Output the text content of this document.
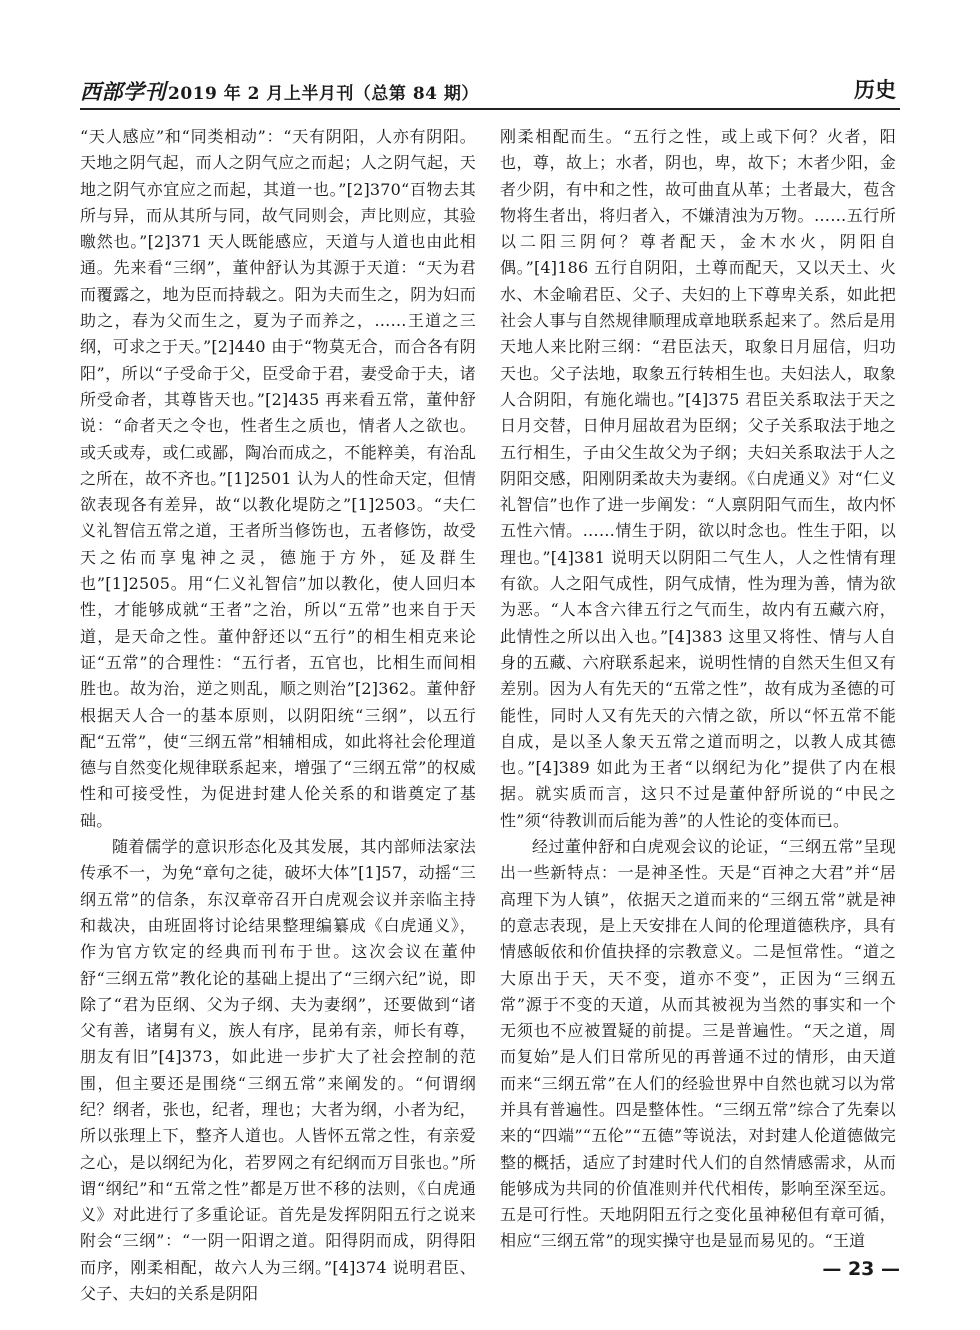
西部学刊 2019 年 2 月上半月刊（总第 84 期）	历史

“天人感应”和“同类相动”：“天有阴阳，人亦有阴阳。天地之阴气起，而人之阴气应之而起；人之阴气起，天地之阴气亦宜应之而起，其道一也。”[2]370“百物去其所与异，而从其所与同，故气同则会，声比则应，其验曒然也。”[2]371 天人既能感应，天道与人道也由此相通。先来看“三纲”，董仲舒认为其源于天道：“天为君而覆露之，地为臣而持载之。阳为夫而生之，阴为妇而助之，春为父而生之，夏为子而养之，……王道之三纲，可求之于天。”[2]440 由于“物莫无合，而合各有阴阳”，所以“子受命于父，臣受命于君，妻受命于夫，诸所受命者，其尊皆天也。”[2]435 再来看五常，董仲舒说：“命者天之令也，性者生之质也，情者人之欲也。或夭或寿，或仁或鄙，陶冶而成之，不能粹美，有治乱之所在，故不齐也。”[1]2501 认为人的性命天定，但情欲表现各有差异，故“以教化堤防之”[1]2503。“夫仁义礼智信五常之道，王者所当修饬也，五者修饬，故受天之佑而享鬼神之灵，德施于方外，延及群生也”[1]2505。用“仁义礼智信”加以教化，使人回归本性，才能够成就“王者”之治，所以“五常”也来自于天道，是天命之性。董仲舒还以“五行”的相生相克来论证“五常”的合理性：“五行者，五官也，比相生而间相胜也。故为治，逆之则乱，顺之则治”[2]362。董仲舒根据天人合一的基本原则，以阴阳统“三纲”，以五行配“五常”，使“三纲五常”相辅相成，如此将社会伦理道德与自然变化规律联系起来，增强了“三纲五常”的权威性和可接受性，为促进封建人伦关系的和谐奠定了基础。

随着儒学的意识形态化及其发展，其内部师法家法传承不一，为免“章句之徒，破坏大体”[1]57，动摇“三纲五常”的信条，东汉章帝召开白虎观会议并亲临主持和裁决，由班固将讨论结果整理编纂成《白虎通义》，作为官方钦定的经典而刊布于世。这次会议在董仲舒“三纲五常”教化论的基础上提出了“三纲六纪”说，即除了“君为臣纲、父为子纲、夫为妻纲”，还要做到“诸父有善，诸舅有义，族人有序，昆弟有亲，师长有尊，朋友有旧”[4]373，如此进一步扩大了社会控制的范围，但主要还是围绕“三纲五常”来阐发的。“何谓纲纪？纲者，张也，纪者，理也；大者为纲，小者为纪，所以张理上下，整齐人道也。人皆怀五常之性，有亲爱之心，是以纲纪为化，若罗网之有纪纲而万目张也。”所谓“纲纪”和“五常之性”都是万世不移的法则，《白虎通义》对此进行了多重论证。首先是发挥阴阳五行之说来附会“三纲”：“一阴一阳谓之道。阳得阴而成，阴得阳而序，刚柔相配，故六人为三纲。”[4]374 说明君臣、父子、夫妇的关系是阴阳

刚柔相配而生。“五行之性，或上或下何？火者，阳也，尊，故上；水者，阴也，卑，故下；木者少阳，金者少阴，有中和之性，故可曲直从革；土者最大，苞含物将生者出，将归者入，不嫌清浊为万物。……五行所以二阳三阴何？尊者配天，金木水火，阴阳自偶。”[4]186 五行自阴阳，土尊而配天，又以天土、火水、木金喻君臣、父子、夫妇的上下尊卑关系，如此把社会人事与自然规律顺理成章地联系起来了。然后是用天地人来比附三纲：“君臣法天，取象日月屈信，归功天也。父子法地，取象五行转相生也。夫妇法人，取象人合阴阳，有施化端也。”[4]375 君臣关系取法于天之日月交替，日伸月屈故君为臣纲；父子关系取法于地之五行相生，子由父生故父为子纲；夫妇关系取法于人之阴阳交感，阳刚阴柔故夫为妻纲。《白虎通义》对“仁义礼智信”也作了进一步阐发：“人禀阴阳气而生，故内怀五性六情。……情生于阴，欲以时念也。性生于阳，以理也。”[4]381 说明天以阴阳二气生人，人之性情有理有欲。人之阳气成性，阴气成情，性为理为善，情为欲为恶。“人本含六律五行之气而生，故内有五藏六府，此情性之所以出入也。”[4]383 这里又将性、情与人自身的五藏、六府联系起来，说明性情的自然天生但又有差别。因为人有先天的“五常之性”，故有成为圣德的可能性，同时人又有先天的六情之欲，所以“怀五常不能自成，是以圣人象天五常之道而明之，以教人成其德也。”[4]389 如此为王者“以纲纪为化”提供了内在根据。就实质而言，这只不过是董仲舒所说的“中民之性”须“待教训而后能为善”的人性论的变体而已。

经过董仲舒和白虎观会议的论证，“三纲五常”呈现出一些新特点：一是神圣性。天是“百神之大君”并“居高理下为人镇”，依据天之道而来的“三纲五常”就是神的意志表现，是上天安排在人间的伦理道德秩序，具有情感皈依和价值抉择的宗教意义。二是恒常性。“道之大原出于天，天不变，道亦不变”，正因为“三纲五常”源于不变的天道，从而其被视为当然的事实和一个无须也不应被置疑的前提。三是普遍性。“天之道，周而复始”是人们日常所见的再普通不过的情形，由天道而来“三纲五常”在人们的经验世界中自然也就习以为常并具有普遍性。四是整体性。“三纲五常”综合了先秦以来的“四端”“五伦”“五德”等说法，对封建人伦道德做完整的概括，适应了封建时代人们的自然情感需求，从而能够成为共同的价值准则并代代相传，影响至深至远。五是可行性。天地阴阳五行之变化虽神秘但有章可循，相应“三纲五常”的现实操守也是显而易见的。“王道

— 23 —
